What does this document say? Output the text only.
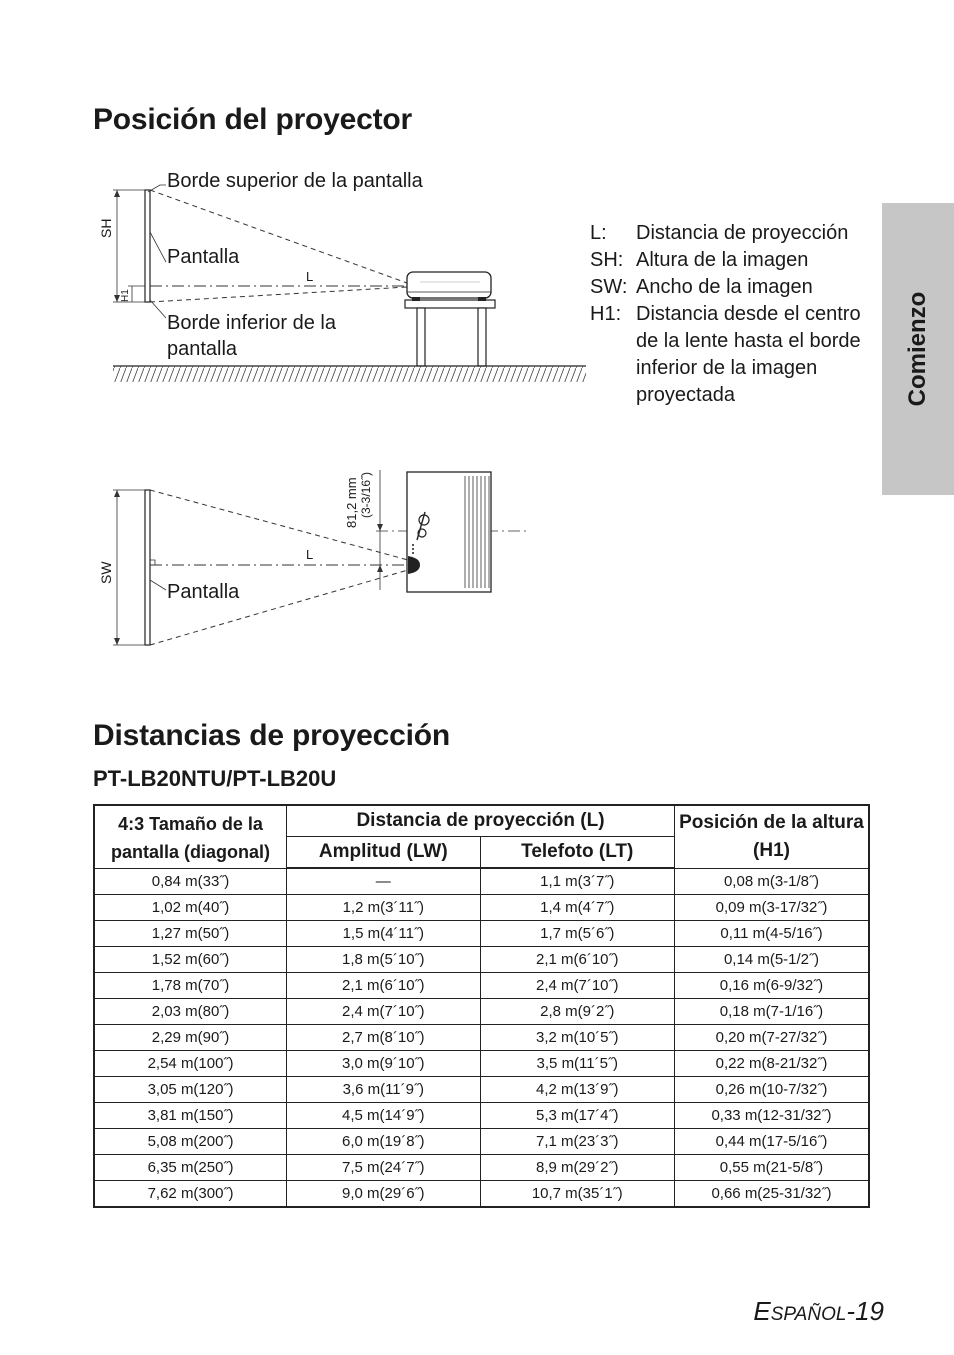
Posición del proyector
Comienzo
Borde superior de la pantalla
Pantalla
Borde inferior de la pantalla
L
SH
H1
Pantalla
L
SW
81,2 mm (3-3/16˝)
L:	Distancia de proyección
SH: Altura de la imagen
SW: Ancho de la imagen
H1: Distancia desde el centro de la lente hasta el borde inferior de la imagen proyectada
Distancias de proyección
PT-LB20NTU/PT-LB20U
4:3 Tamaño de la pantalla (diagonal)	Distancia de proyección (L)		Posición de la altura (H1)
	Amplitud (LW)	Telefoto (LT)	
0,84 m(33˝)	—	1,1 m(3´7˝)	0,08 m(3-1/8˝)
1,02 m(40˝)	1,2 m(3´11˝)	1,4 m(4´7˝)	0,09 m(3-17/32˝)
1,27 m(50˝)	1,5 m(4´11˝)	1,7 m(5´6˝)	0,11 m(4-5/16˝)
1,52 m(60˝)	1,8 m(5´10˝)	2,1 m(6´10˝)	0,14 m(5-1/2˝)
1,78 m(70˝)	2,1 m(6´10˝)	2,4 m(7´10˝)	0,16 m(6-9/32˝)
2,03 m(80˝)	2,4 m(7´10˝)	2,8 m(9´2˝)	0,18 m(7-1/16˝)
2,29 m(90˝)	2,7 m(8´10˝)	3,2 m(10´5˝)	0,20 m(7-27/32˝)
2,54 m(100˝)	3,0 m(9´10˝)	3,5 m(11´5˝)	0,22 m(8-21/32˝)
3,05 m(120˝)	3,6 m(11´9˝)	4,2 m(13´9˝)	0,26 m(10-7/32˝)
3,81 m(150˝)	4,5 m(14´9˝)	5,3 m(17´4˝)	0,33 m(12-31/32˝)
5,08 m(200˝)	6,0 m(19´8˝)	7,1 m(23´3˝)	0,44 m(17-5/16˝)
6,35 m(250˝)	7,5 m(24´7˝)	8,9 m(29´2˝)	0,55 m(21-5/8˝)
7,62 m(300˝)	9,0 m(29´6˝)	10,7 m(35´1˝)	0,66 m(25-31/32˝)
ESPAÑOL-19
